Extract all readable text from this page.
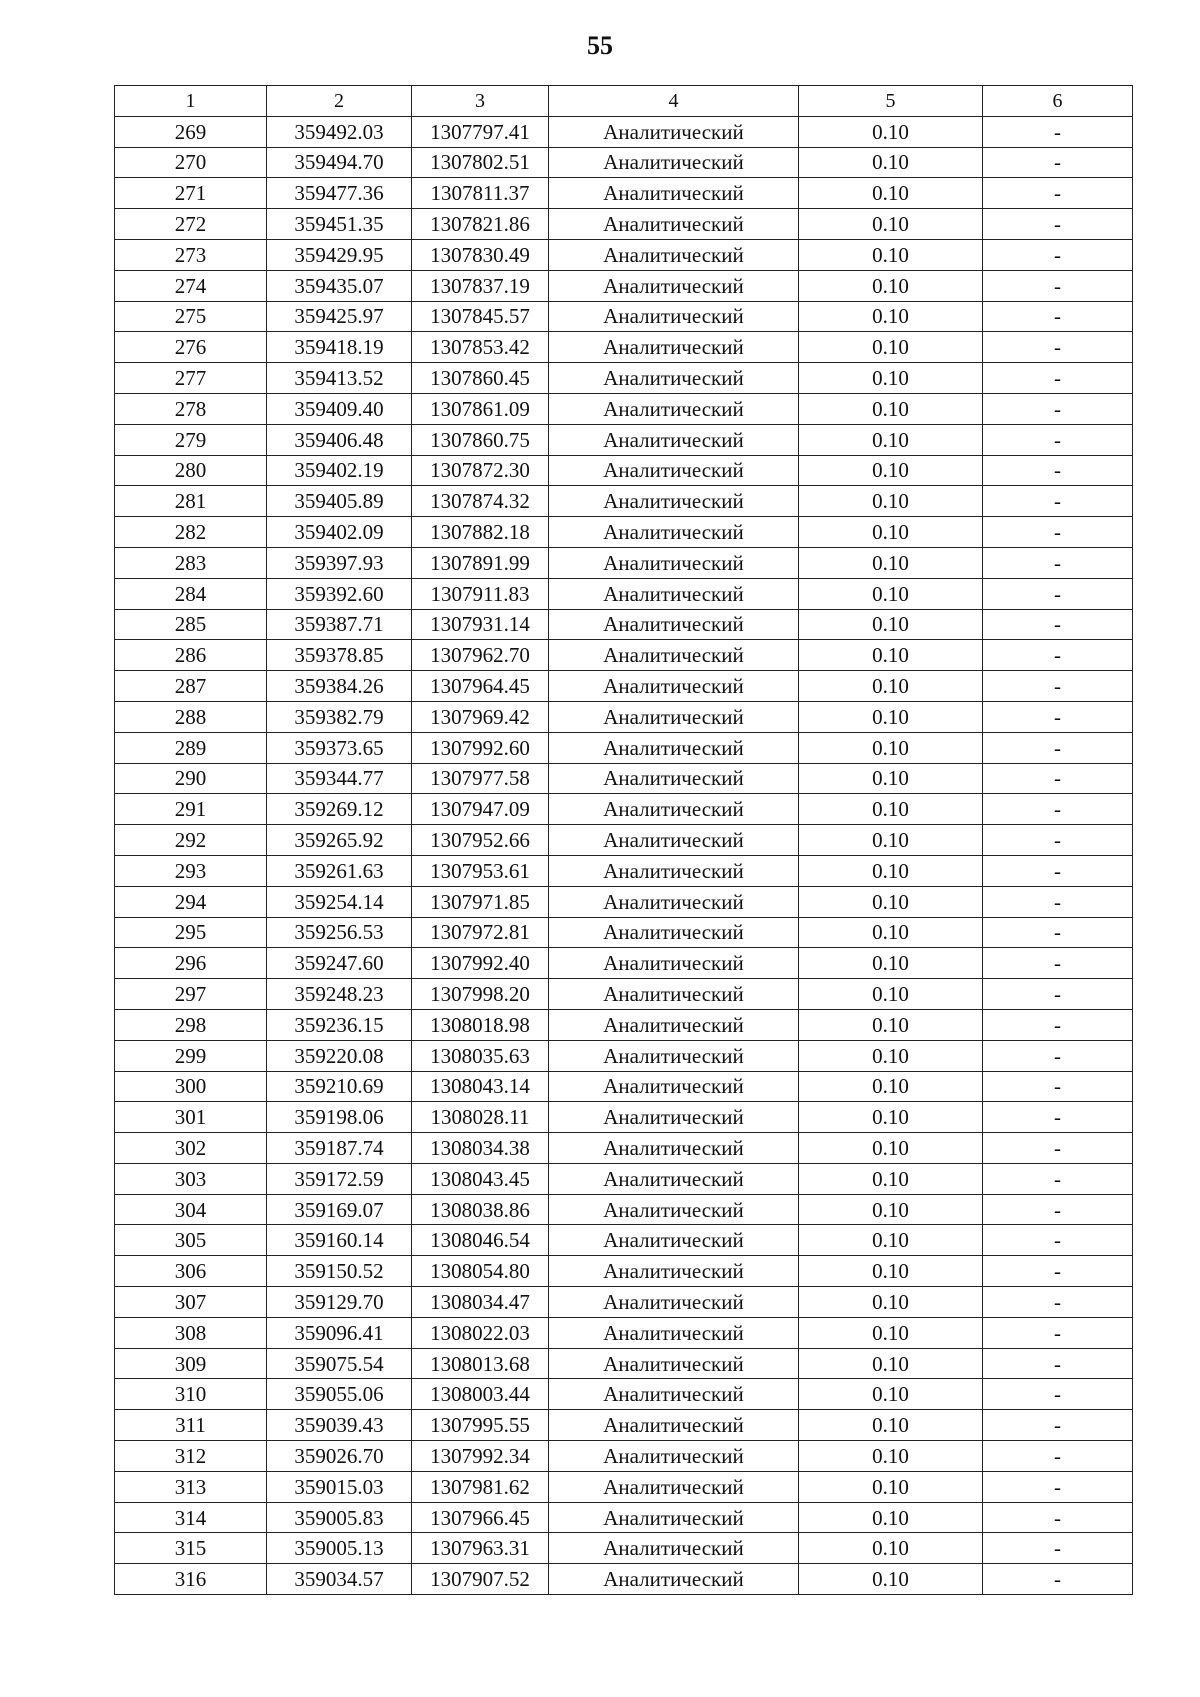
55
1	2	3	4	5	6
269	359492.03	1307797.41	Аналитический	0.10	-
270	359494.70	1307802.51	Аналитический	0.10	-
271	359477.36	1307811.37	Аналитический	0.10	-
272	359451.35	1307821.86	Аналитический	0.10	-
273	359429.95	1307830.49	Аналитический	0.10	-
274	359435.07	1307837.19	Аналитический	0.10	-
275	359425.97	1307845.57	Аналитический	0.10	-
276	359418.19	1307853.42	Аналитический	0.10	-
277	359413.52	1307860.45	Аналитический	0.10	-
278	359409.40	1307861.09	Аналитический	0.10	-
279	359406.48	1307860.75	Аналитический	0.10	-
280	359402.19	1307872.30	Аналитический	0.10	-
281	359405.89	1307874.32	Аналитический	0.10	-
282	359402.09	1307882.18	Аналитический	0.10	-
283	359397.93	1307891.99	Аналитический	0.10	-
284	359392.60	1307911.83	Аналитический	0.10	-
285	359387.71	1307931.14	Аналитический	0.10	-
286	359378.85	1307962.70	Аналитический	0.10	-
287	359384.26	1307964.45	Аналитический	0.10	-
288	359382.79	1307969.42	Аналитический	0.10	-
289	359373.65	1307992.60	Аналитический	0.10	-
290	359344.77	1307977.58	Аналитический	0.10	-
291	359269.12	1307947.09	Аналитический	0.10	-
292	359265.92	1307952.66	Аналитический	0.10	-
293	359261.63	1307953.61	Аналитический	0.10	-
294	359254.14	1307971.85	Аналитический	0.10	-
295	359256.53	1307972.81	Аналитический	0.10	-
296	359247.60	1307992.40	Аналитический	0.10	-
297	359248.23	1307998.20	Аналитический	0.10	-
298	359236.15	1308018.98	Аналитический	0.10	-
299	359220.08	1308035.63	Аналитический	0.10	-
300	359210.69	1308043.14	Аналитический	0.10	-
301	359198.06	1308028.11	Аналитический	0.10	-
302	359187.74	1308034.38	Аналитический	0.10	-
303	359172.59	1308043.45	Аналитический	0.10	-
304	359169.07	1308038.86	Аналитический	0.10	-
305	359160.14	1308046.54	Аналитический	0.10	-
306	359150.52	1308054.80	Аналитический	0.10	-
307	359129.70	1308034.47	Аналитический	0.10	-
308	359096.41	1308022.03	Аналитический	0.10	-
309	359075.54	1308013.68	Аналитический	0.10	-
310	359055.06	1308003.44	Аналитический	0.10	-
311	359039.43	1307995.55	Аналитический	0.10	-
312	359026.70	1307992.34	Аналитический	0.10	-
313	359015.03	1307981.62	Аналитический	0.10	-
314	359005.83	1307966.45	Аналитический	0.10	-
315	359005.13	1307963.31	Аналитический	0.10	-
316	359034.57	1307907.52	Аналитический	0.10	-
